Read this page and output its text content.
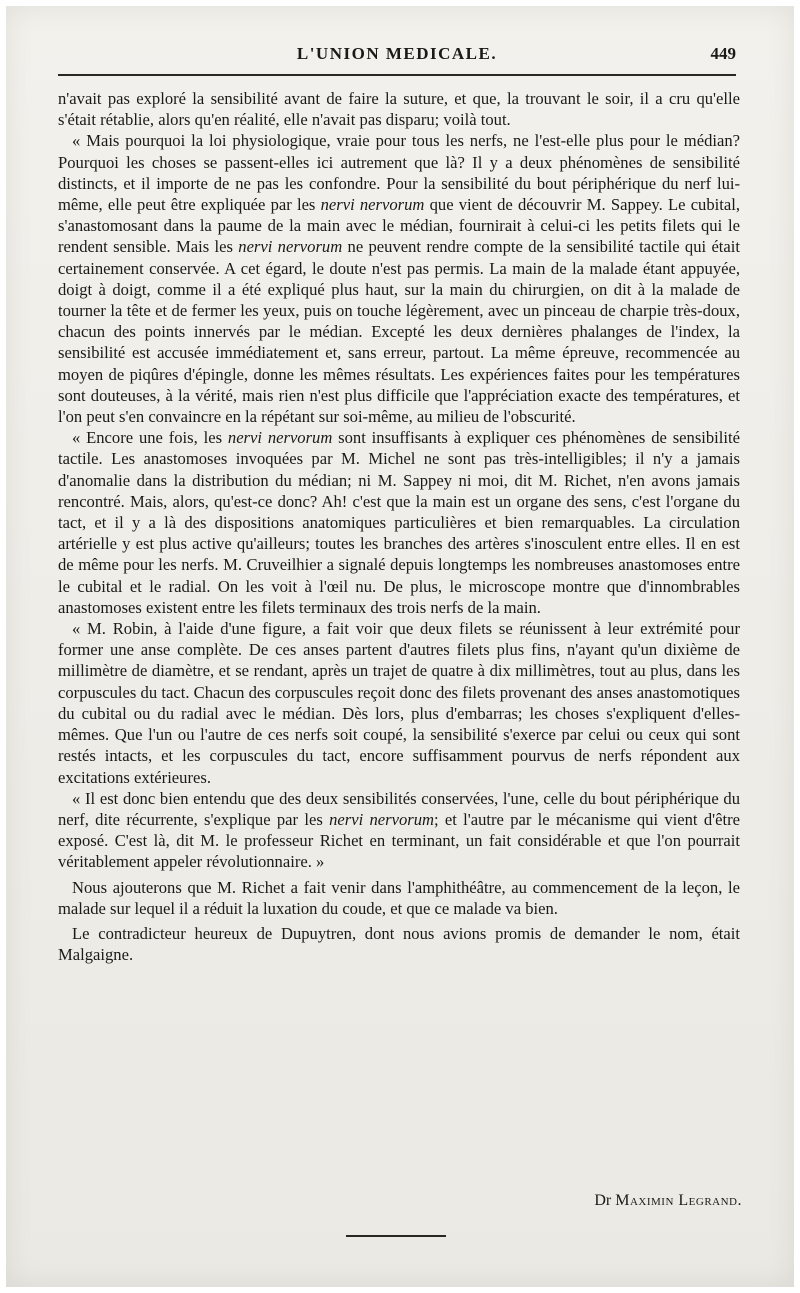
L'UNION MEDICALE.	449

n'avait pas exploré la sensibilité avant de faire la suture, et que, la trouvant le soir, il a cru qu'elle s'était rétablie, alors qu'en réalité, elle n'avait pas disparu; voilà tout.

« Mais pourquoi la loi physiologique, vraie pour tous les nerfs, ne l'est-elle plus pour le médian? Pourquoi les choses se passent-elles ici autrement que là? Il y a deux phénomènes de sensibilité distincts, et il importe de ne pas les confondre. Pour la sensibilité du bout périphérique du nerf lui-même, elle peut être expliquée par les nervi nervorum que vient de découvrir M. Sappey. Le cubital, s'anastomosant dans la paume de la main avec le médian, fournirait à celui-ci les petits filets qui le rendent sensible. Mais les nervi nervorum ne peuvent rendre compte de la sensibilité tactile qui était certainement conservée. A cet égard, le doute n'est pas permis. La main de la malade étant appuyée, doigt à doigt, comme il a été expliqué plus haut, sur la main du chirurgien, on dit à la malade de tourner la tête et de fermer les yeux, puis on touche légèrement, avec un pinceau de charpie très-doux, chacun des points innervés par le médian. Excepté les deux dernières phalanges de l'index, la sensibilité est accusée immédiatement et, sans erreur, partout. La même épreuve, recommencée au moyen de piqûres d'épingle, donne les mêmes résultats. Les expériences faites pour les températures sont douteuses, à la vérité, mais rien n'est plus difficile que l'appréciation exacte des températures, et l'on peut s'en convaincre en la répétant sur soi-même, au milieu de l'obscurité.

« Encore une fois, les nervi nervorum sont insuffisants à expliquer ces phénomènes de sensibilité tactile. Les anastomoses invoquées par M. Michel ne sont pas très-intelligibles; il n'y a jamais d'anomalie dans la distribution du médian; ni M. Sappey ni moi, dit M. Richet, n'en avons jamais rencontré. Mais, alors, qu'est-ce donc? Ah! c'est que la main est un organe des sens, c'est l'organe du tact, et il y a là des dispositions anatomiques particulières et bien remarquables. La circulation artérielle y est plus active qu'ailleurs; toutes les branches des artères s'inosculent entre elles. Il en est de même pour les nerfs. M. Cruveilhier a signalé depuis longtemps les nombreuses anastomoses entre le cubital et le radial. On les voit à l'œil nu. De plus, le microscope montre que d'innombrables anastomoses existent entre les filets terminaux des trois nerfs de la main.

« M. Robin, à l'aide d'une figure, a fait voir que deux filets se réunissent à leur extrémité pour former une anse complète. De ces anses partent d'autres filets plus fins, n'ayant qu'un dixième de millimètre de diamètre, et se rendant, après un trajet de quatre à dix millimètres, tout au plus, dans les corpuscules du tact. Chacun des corpuscules reçoit donc des filets provenant des anses anastomotiques du cubital ou du radial avec le médian. Dès lors, plus d'embarras; les choses s'expliquent d'elles-mêmes. Que l'un ou l'autre de ces nerfs soit coupé, la sensibilité s'exerce par celui ou ceux qui sont restés intacts, et les corpuscules du tact, encore suffisamment pourvus de nerfs répondent aux excitations extérieures.

« Il est donc bien entendu que des deux sensibilités conservées, l'une, celle du bout périphérique du nerf, dite récurrente, s'explique par les nervi nervorum; et l'autre par le mécanisme qui vient d'être exposé. C'est là, dit M. le professeur Richet en terminant, un fait considérable et que l'on pourrait véritablement appeler révolutionnaire. »

Nous ajouterons que M. Richet a fait venir dans l'amphithéâtre, au commencement de la leçon, le malade sur lequel il a réduit la luxation du coude, et que ce malade va bien.

Le contradicteur heureux de Dupuytren, dont nous avions promis de demander le nom, était Malgaigne.

Dr Maximin Legrand.
